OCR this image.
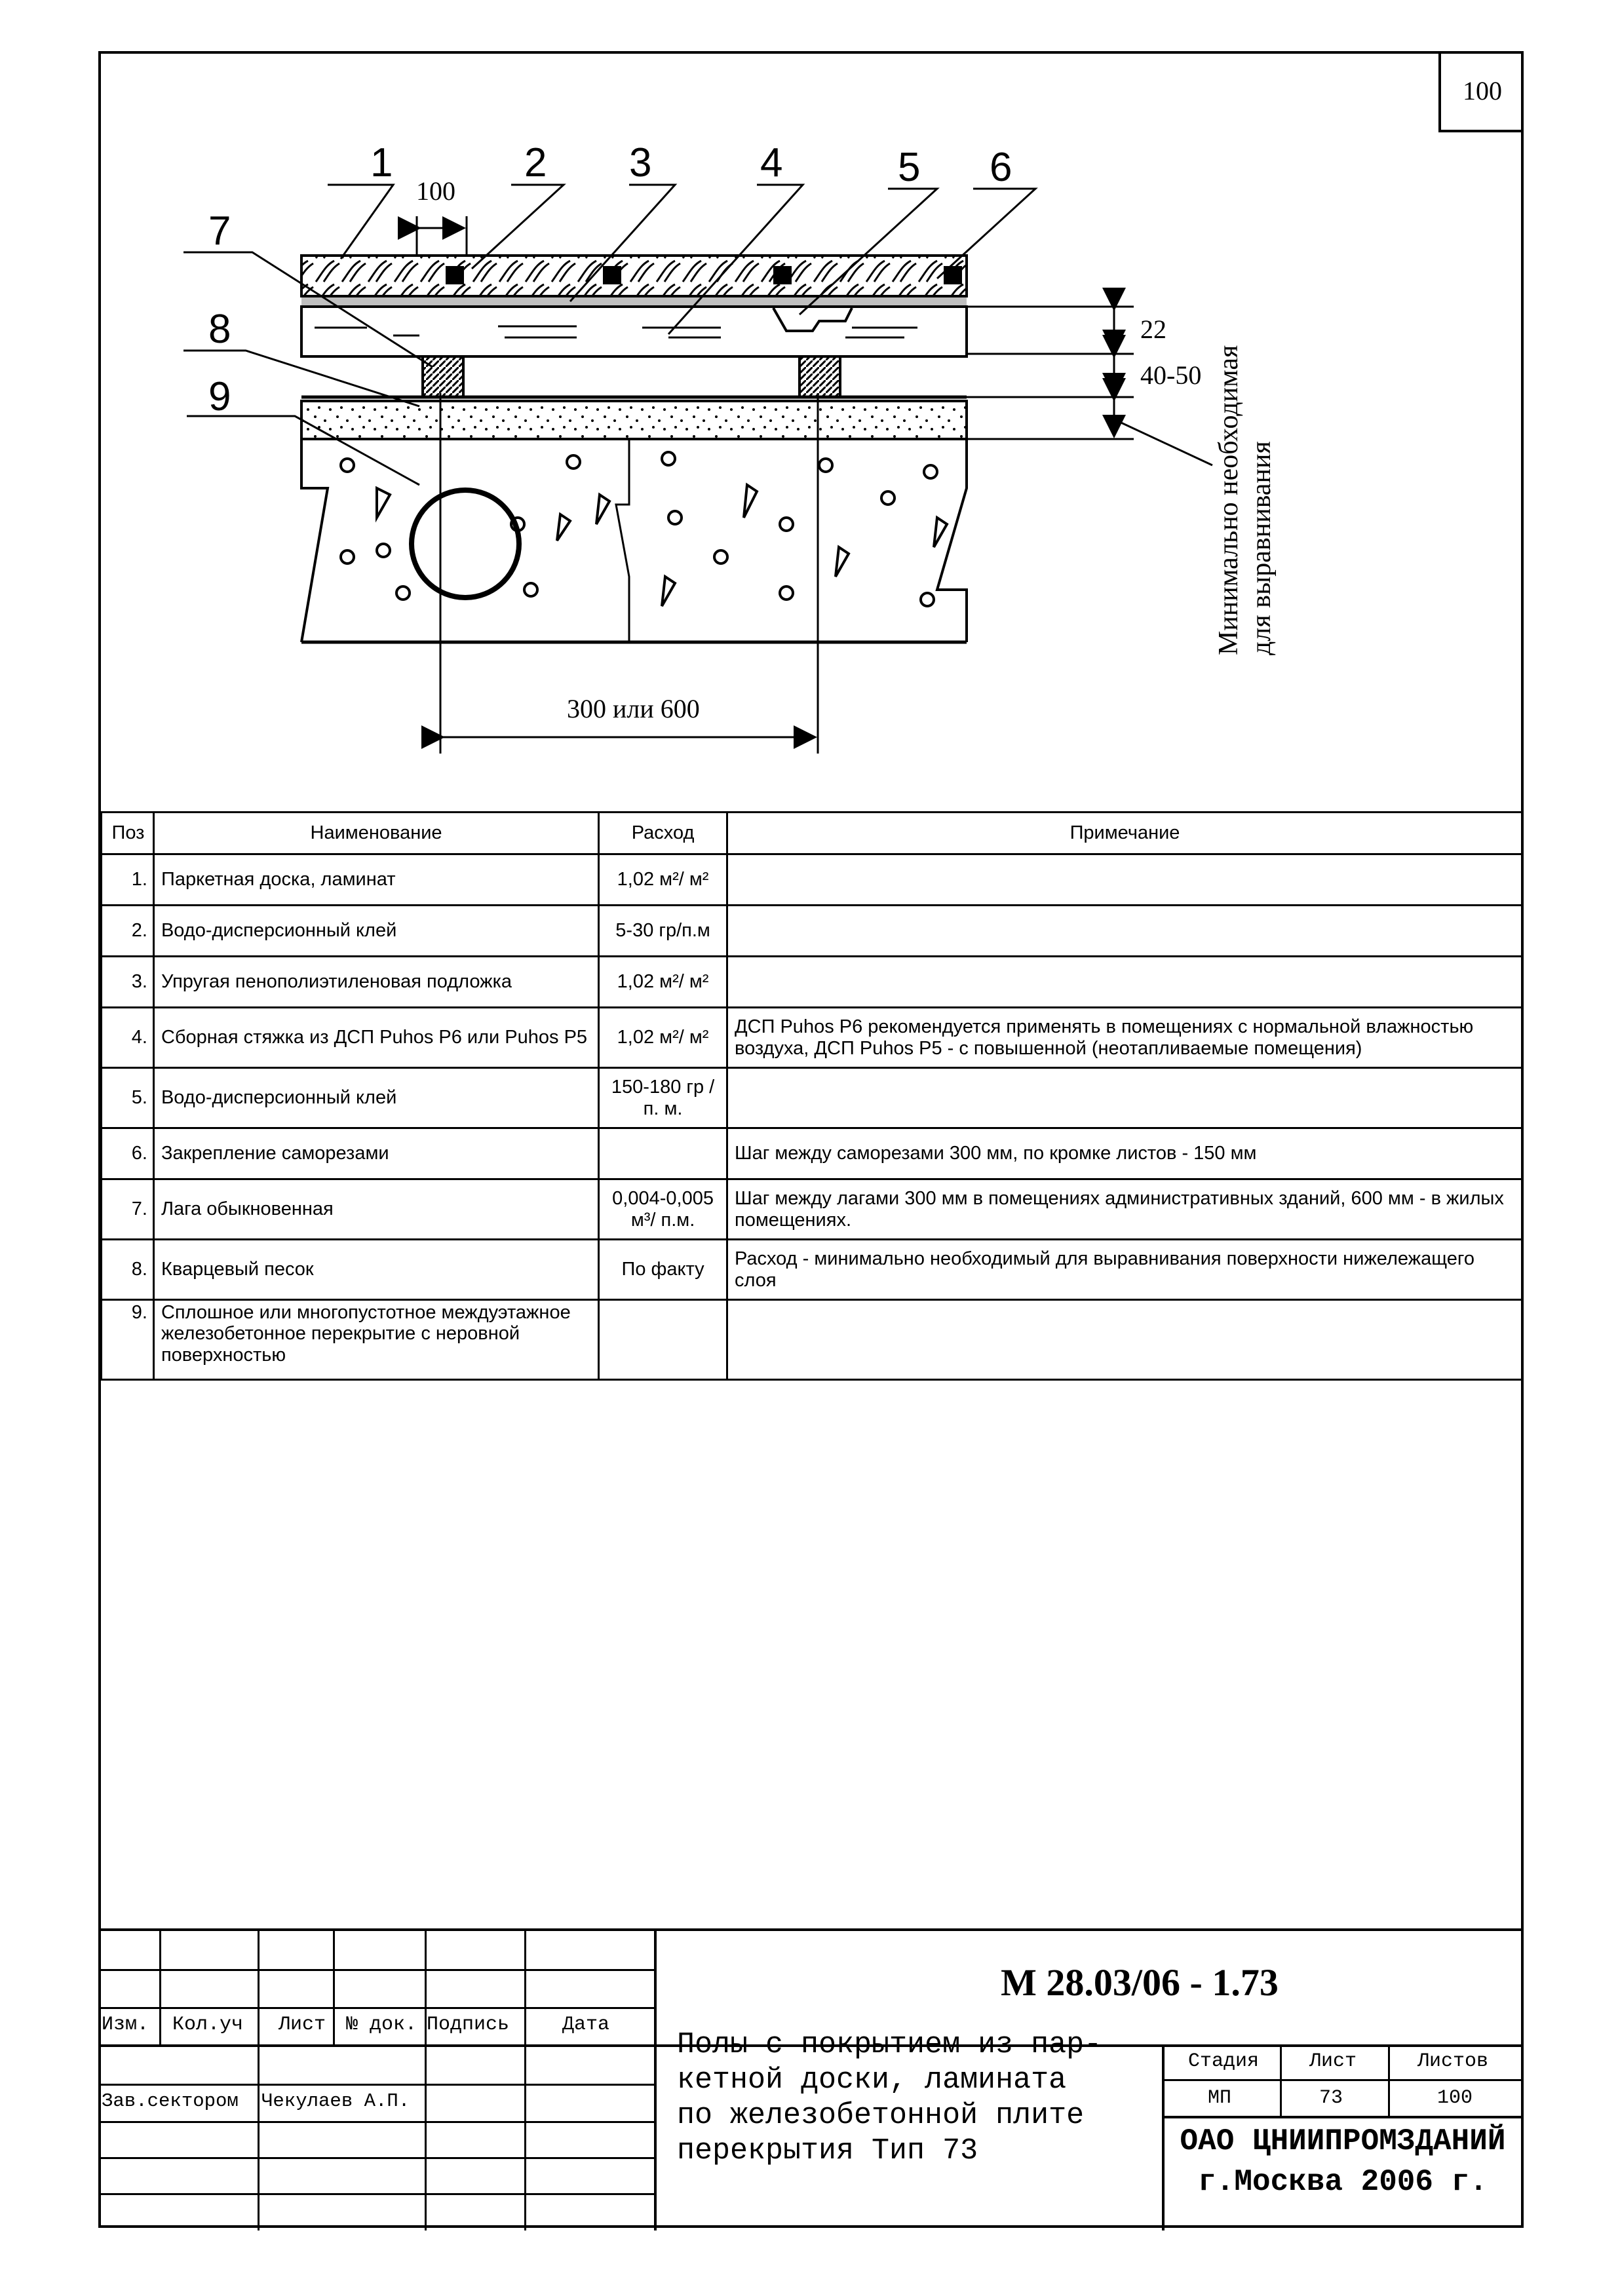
100
1	2 3	4	5 6
7
8
9
100
22
40-50
300 или 600
Минимально необходимая для выравнивания
Поз	Наименование	Расход	Примечание
1.	Паркетная доска, ламинат	1,02 м²/ м²	
2.	Водо-дисперсионный клей	5-30 гр/п.м	
3.	Упругая пенополиэтиленовая подложка	1,02 м²/ м²	
4.	Сборная стяжка из ДСП Puhos P6 или Puhos P5	1,02 м²/ м²	ДСП Puhos P6 рекомендуется применять в помещениях с нормальной влажностью воздуха, ДСП Puhos P5 - с повышенной (неотапливаемые помещения)
5.	Водо-дисперсионный клей	150-180 гр /п. м.	
6.	Закрепление саморезами		Шаг между саморезами 300 мм, по кромке листов - 150 мм
7.	Лага обыкновенная	0,004-0,005 м³/ п.м.	Шаг между лагами 300 мм в помещениях административных зданий, 600 мм - в жилых помещениях.
8.	Кварцевый песок	По факту	Расход - минимально необходимый для выравнивания поверхности нижележащего слоя
9.	Сплошное или многопустотное междуэтажное железобетонное перекрытие с неровной поверхностью		
М 28.03/06 - 1.73
Изм. Кол.уч Лист № док. Подпись	Дата
Зав.сектором Чекулаев А.П.
Полы с покрытием из пар-
кетной доски, ламината
по железобетонной плите
перекрытия Тип 73
Стадия	Лист	Листов
МП	73	100
ОАО ЦНИИПРОМЗДАНИЙ
г.Москва 2006 г.
